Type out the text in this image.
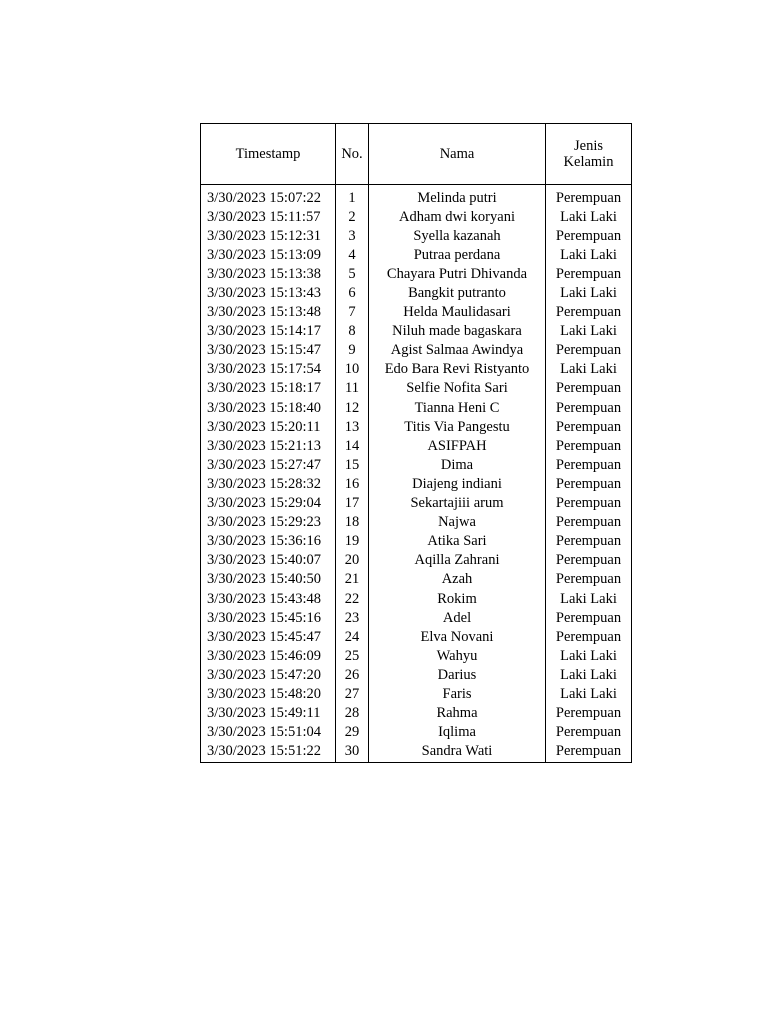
Timestamp	No.	Nama	Jenis
Kelamin
3/30/2023 15:07:22	1	Melinda putri	Perempuan
3/30/2023 15:11:57	2	Adham dwi koryani	Laki Laki
3/30/2023 15:12:31	3	Syella kazanah	Perempuan
3/30/2023 15:13:09	4	Putraa perdana	Laki Laki
3/30/2023 15:13:38	5	Chayara Putri Dhivanda	Perempuan
3/30/2023 15:13:43	6	Bangkit putranto	Laki Laki
3/30/2023 15:13:48	7	Helda Maulidasari	Perempuan
3/30/2023 15:14:17	8	Niluh made bagaskara	Laki Laki
3/30/2023 15:15:47	9	Agist Salmaa Awindya	Perempuan
3/30/2023 15:17:54	10	Edo Bara Revi Ristyanto	Laki Laki
3/30/2023 15:18:17	11	Selfie Nofita Sari	Perempuan
3/30/2023 15:18:40	12	Tianna Heni C	Perempuan
3/30/2023 15:20:11	13	Titis Via Pangestu	Perempuan
3/30/2023 15:21:13	14	ASIFPAH	Perempuan
3/30/2023 15:27:47	15	Dima	Perempuan
3/30/2023 15:28:32	16	Diajeng indiani	Perempuan
3/30/2023 15:29:04	17	Sekartajiii arum	Perempuan
3/30/2023 15:29:23	18	Najwa	Perempuan
3/30/2023 15:36:16	19	Atika Sari	Perempuan
3/30/2023 15:40:07	20	Aqilla Zahrani	Perempuan
3/30/2023 15:40:50	21	Azah	Perempuan
3/30/2023 15:43:48	22	Rokim	Laki Laki
3/30/2023 15:45:16	23	Adel	Perempuan
3/30/2023 15:45:47	24	Elva Novani	Perempuan
3/30/2023 15:46:09	25	Wahyu	Laki Laki
3/30/2023 15:47:20	26	Darius	Laki Laki
3/30/2023 15:48:20	27	Faris	Laki Laki
3/30/2023 15:49:11	28	Rahma	Perempuan
3/30/2023 15:51:04	29	Iqlima	Perempuan
3/30/2023 15:51:22	30	Sandra Wati	Perempuan
